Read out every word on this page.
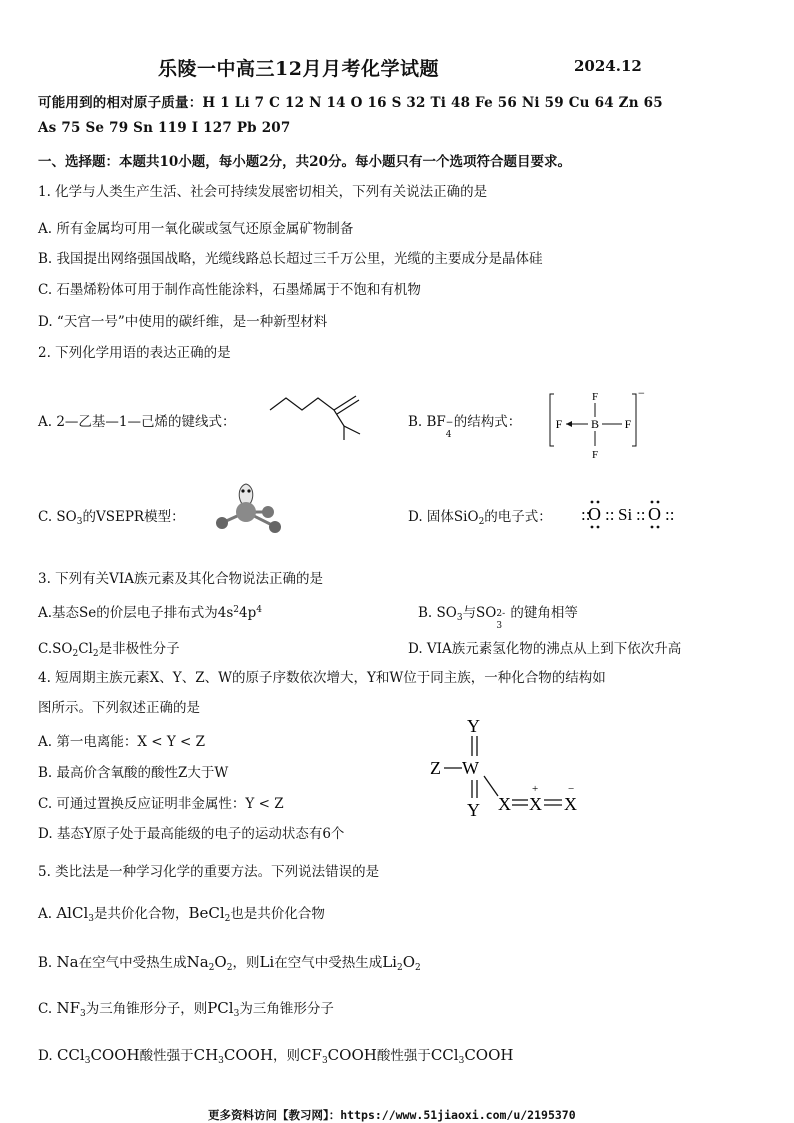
乐陵一中高三12月月考化学试题	2024.12
可能用到的相对原子质量：H 1 Li 7 C 12 N 14 O 16 S 32 Ti 48 Fe 56 Ni 59 Cu 64 Zn 65
As 75 Se 79 Sn 119 I 127 Pb 207
一、选择题：本题共10小题，每小题2分，共20分。每小题只有一个选项符合题目要求。
1. 化学与人类生产生活、社会可持续发展密切相关，下列有关说法正确的是
A. 所有金属均可用一氧化碳或氢气还原金属矿物制备
B. 我国提出网络强国战略，光缆线路总长超过三千万公里，光缆的主要成分是晶体硅
C. 石墨烯粉体可用于制作高性能涂料，石墨烯属于不饱和有机物
D. “天宫一号”中使用的碳纤维，是一种新型材料
2. 下列化学用语的表达正确的是
A. 2—乙基—1—己烯的键线式：	B. BF −
4
的结构式：
−
F
F
F	F
B
C. $SO_3$的VSEPR模型：	D. 固体SiO$_2$的电子式： ::
O :: Si :: O ::
3. 下列有关VIA族元素及其化合物说法正确的是
A.基态Se的价层电子排布式为$4s^24p^4$	B. $SO_3$与SO 2-
3
的键角相等
$C.SO_2Cl_2$是非极性分子	D. VIA族元素氢化物的沸点从上到下依次升高
4. 短周期主族元素X、Y、Z、W的原子序数依次增大，Y和W位于同主族，一种化合物的结构如
图所示。下列叙述正确的是
A. 第一电离能：X < Y < Z
B. 最高价含氧酸的酸性Z大于W
C. 可通过置换反应证明非金属性：Y < Z
D. 基态Y原子处于最高能级的电子的运动状态有6个
Y
Z W
Y X
+
X
−
X
5. 类比法是一种学习化学的重要方法。下列说法错误的是
A. AlCl$_3$是共价化合物，BeCl$_2$也是共价化合物
B. Na在空气中受热生成$Na_2O_2$，则Li在空气中受热生成$Li_2O_2$
C. $NF_3$为三角锥形分子，则PCl$_3$为三角锥形分子
D. CCl$_3$COOH酸性强于$CH_3COOH$，则$CF_3COOH$酸性强于CCl$_3$COOH
更多资料访问【教习网】：https://www.51jiaoxi.com/u/2195370
